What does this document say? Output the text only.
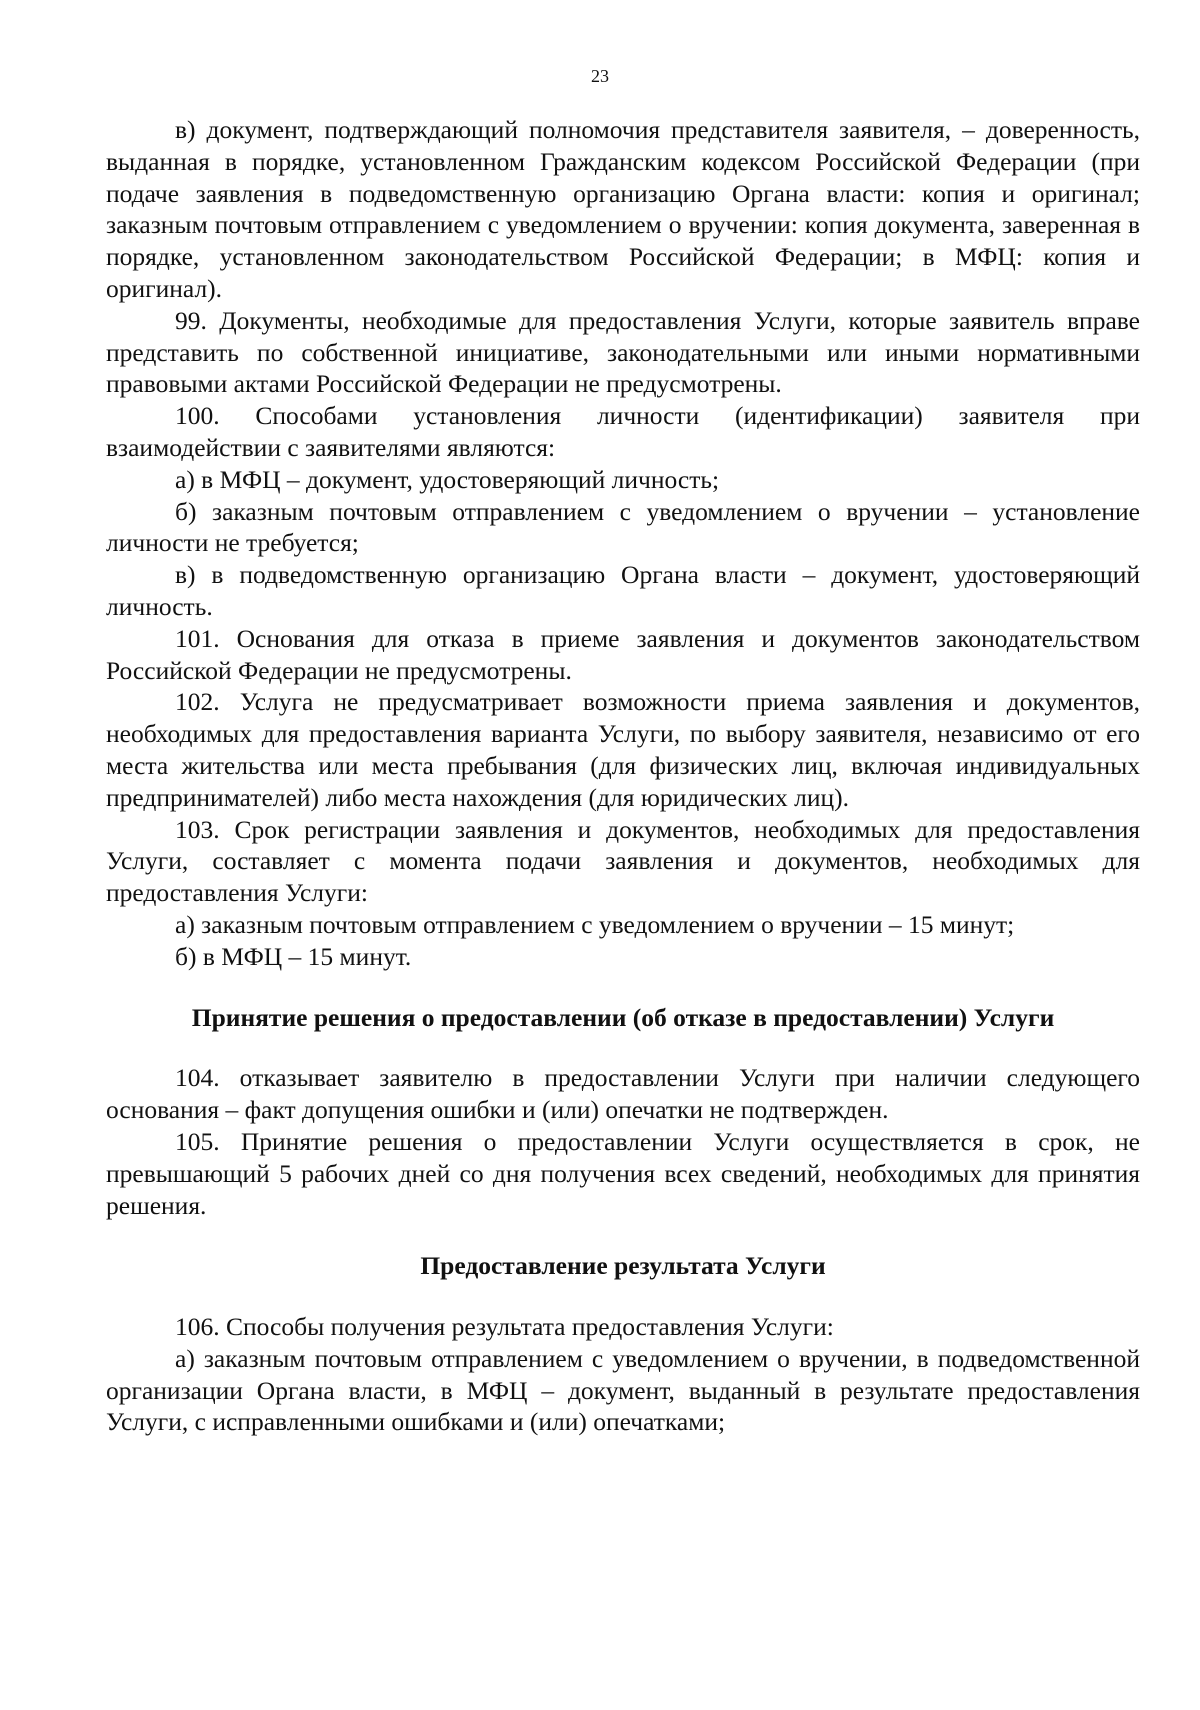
23

в) документ, подтверждающий полномочия представителя заявителя, – доверенность, выданная в порядке, установленном Гражданским кодексом Российской Федерации (при подаче заявления в подведомственную организацию Органа власти: копия и оригинал; заказным почтовым отправлением с уведомлением о вручении: копия документа, заверенная в порядке, установленном законодательством Российской Федерации; в МФЦ: копия и оригинал).

99. Документы, необходимые для предоставления Услуги, которые заявитель вправе представить по собственной инициативе, законодательными или иными нормативными правовыми актами Российской Федерации не предусмотрены.

100. Способами установления личности (идентификации) заявителя при взаимодействии с заявителями являются:

а) в МФЦ – документ, удостоверяющий личность;

б) заказным почтовым отправлением с уведомлением о вручении – установление личности не требуется;

в) в подведомственную организацию Органа власти – документ, удостоверяющий личность.

101. Основания для отказа в приеме заявления и документов законодательством Российской Федерации не предусмотрены.

102. Услуга не предусматривает возможности приема заявления и документов, необходимых для предоставления варианта Услуги, по выбору заявителя, независимо от его места жительства или места пребывания (для физических лиц, включая индивидуальных предпринимателей) либо места нахождения (для юридических лиц).

103. Срок регистрации заявления и документов, необходимых для предоставления Услуги, составляет с момента подачи заявления и документов, необходимых для предоставления Услуги:

а) заказным почтовым отправлением с уведомлением о вручении – 15 минут;

б) в МФЦ – 15 минут.

Принятие решения о предоставлении (об отказе в предоставлении) Услуги

104. отказывает заявителю в предоставлении Услуги при наличии следующего основания – факт допущения ошибки и (или) опечатки не подтвержден.

105. Принятие решения о предоставлении Услуги осуществляется в срок, не превышающий 5 рабочих дней со дня получения всех сведений, необходимых для принятия решения.

Предоставление результата Услуги

106. Способы получения результата предоставления Услуги:

а) заказным почтовым отправлением с уведомлением о вручении, в подведомственной организации Органа власти, в МФЦ – документ, выданный в результате предоставления Услуги, с исправленными ошибками и (или) опечатками;
